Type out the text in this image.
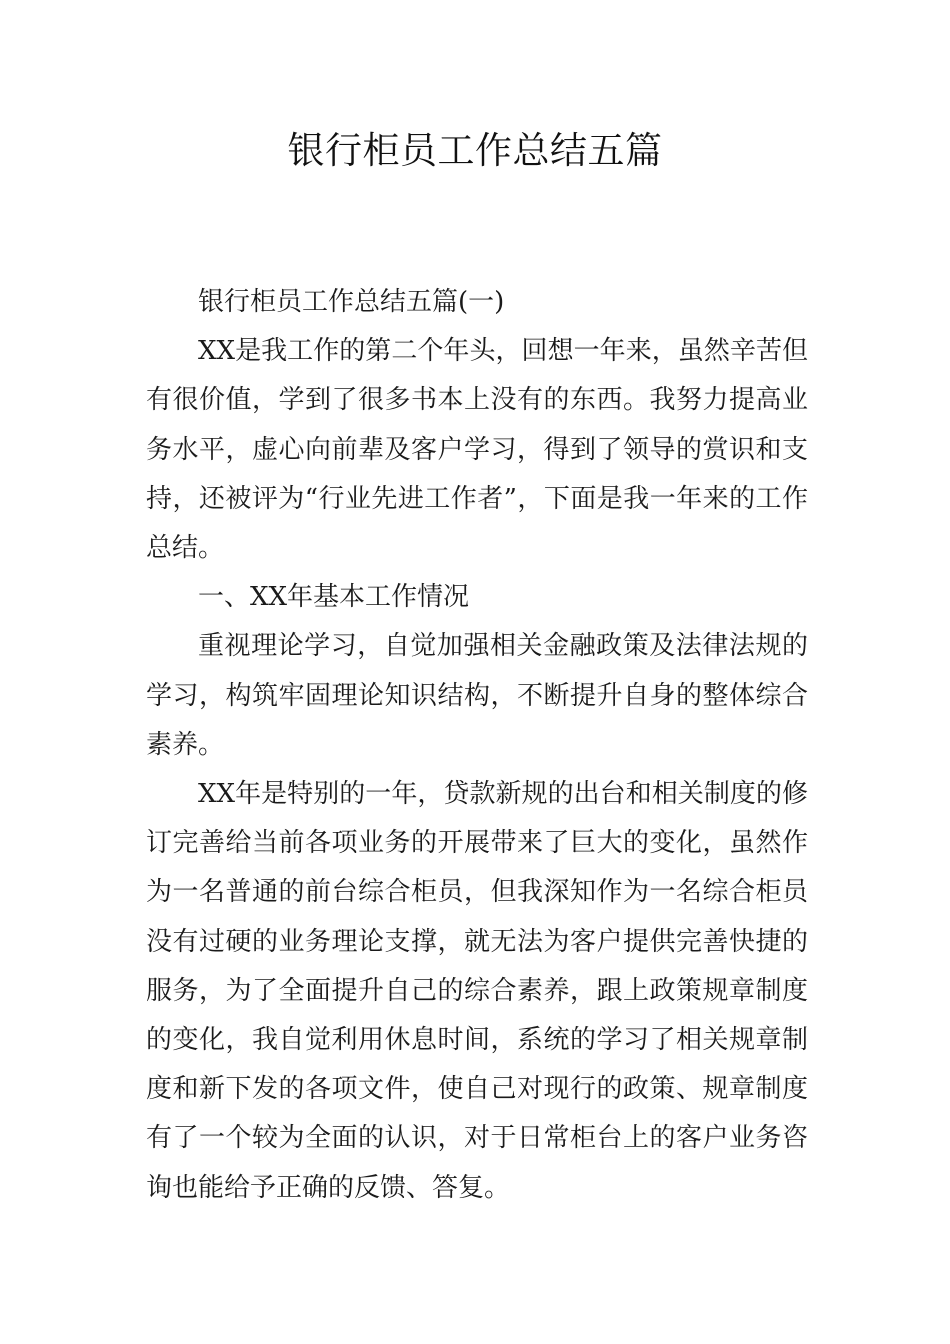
银行柜员工作总结五篇

银行柜员工作总结五篇(一)

XX是我工作的第二个年头，回想一年来，虽然辛苦但有很价值，学到了很多书本上没有的东西。我努力提高业务水平，虚心向前辈及客户学习，得到了领导的赏识和支持，还被评为“行业先进工作者”，下面是我一年来的工作总结。

一、XX年基本工作情况

重视理论学习，自觉加强相关金融政策及法律法规的学习，构筑牢固理论知识结构，不断提升自身的整体综合素养。

XX年是特别的一年，贷款新规的出台和相关制度的修订完善给当前各项业务的开展带来了巨大的变化，虽然作为一名普通的前台综合柜员，但我深知作为一名综合柜员没有过硬的业务理论支撑，就无法为客户提供完善快捷的服务，为了全面提升自己的综合素养，跟上政策规章制度的变化，我自觉利用休息时间，系统的学习了相关规章制度和新下发的各项文件，使自己对现行的政策、规章制度有了一个较为全面的认识，对于日常柜台上的客户业务咨询也能给予正确的反馈、答复。
